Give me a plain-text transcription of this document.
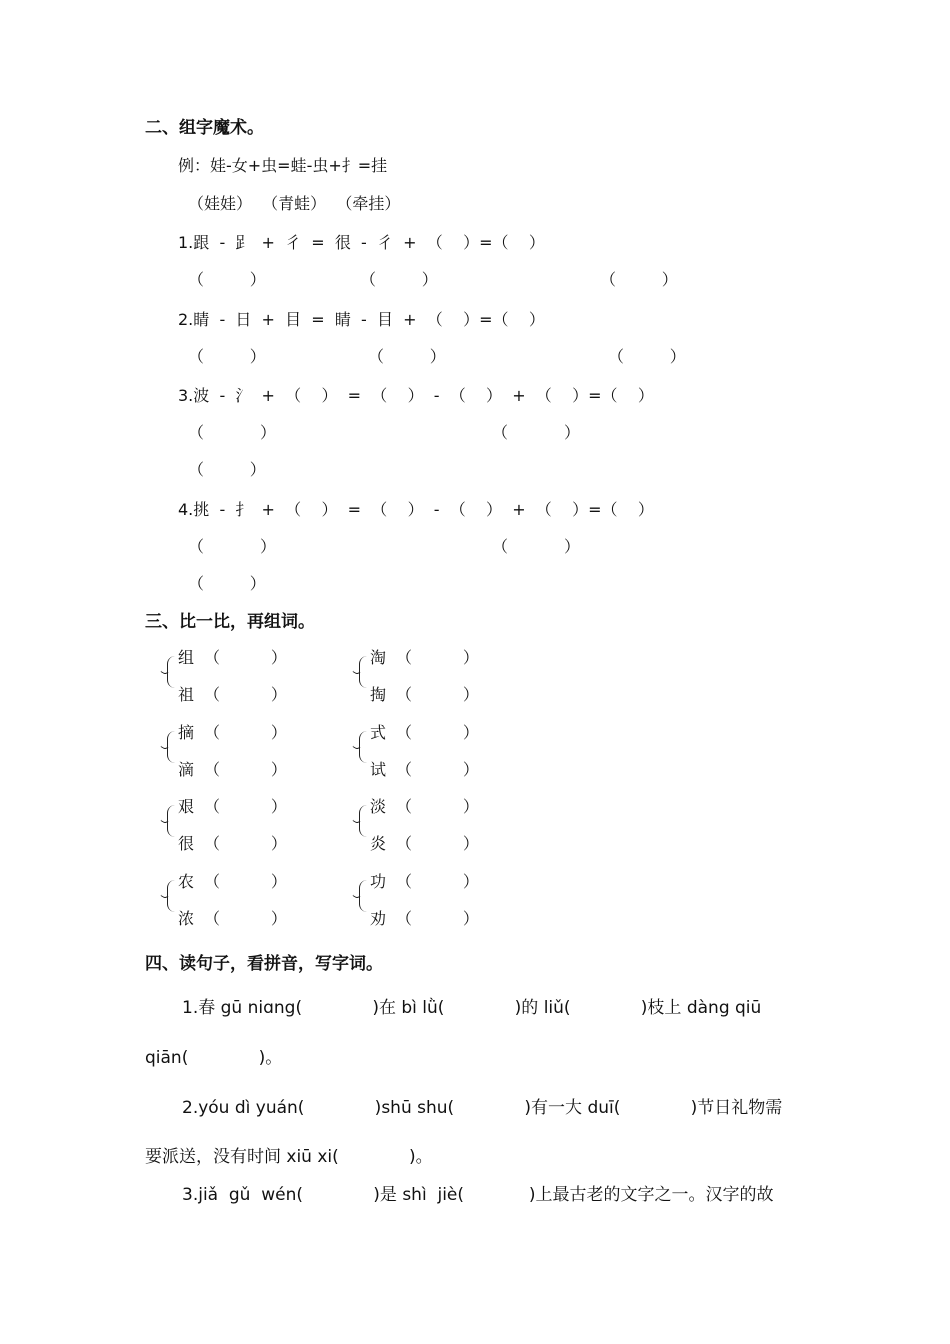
二、组字魔术。
例：娃-女+虫=蛙-虫+扌=挂
（娃娃）  （青蛙）  （牵挂）
1.跟  -  𧾷  +  彳  =  很  -  彳  +  （    ）=（    ）
（         ）	（         ）	（         ）
2.睛  -  日  +  目  =  睛  -  目  +  （    ）=（    ）
（         ）	（         ）	（         ）
3.波  -  氵  +  （    ）  =  （    ）  -  （    ）  +  （    ）=（    ）
（           ）	（           ）
（         ）
4.挑  -  扌  +  （    ）  =  （    ）  -  （    ）  +  （    ）=（    ）
（           ）	（           ）
（         ）
三、比一比，再组词。
组 （          ）
祖 （          ）
摘 （          ）
滴 （          ）
艰 （          ）
很 （          ）
农 （          ）
浓 （          ）
淘 （          ）
掏 （          ）
式 （          ）
试 （          ）
淡 （          ）
炎 （          ）
功 （          ）
劝 （          ）
四、读句子，看拼音，写字词。
1.春 gū niɑng(             )在 bì lǜ(             )的 liǔ(             )枝上 dàng qiū
qiān(             )。
2.yóu dì yuán(             )shū shu(             )有一大 duī(             )节日礼物需
要派送，没有时间 xiū xi(             )。
3.jiǎ  gǔ  wén(             )是 shì  jiè(            )上最古老的文字之一。汉字的故
